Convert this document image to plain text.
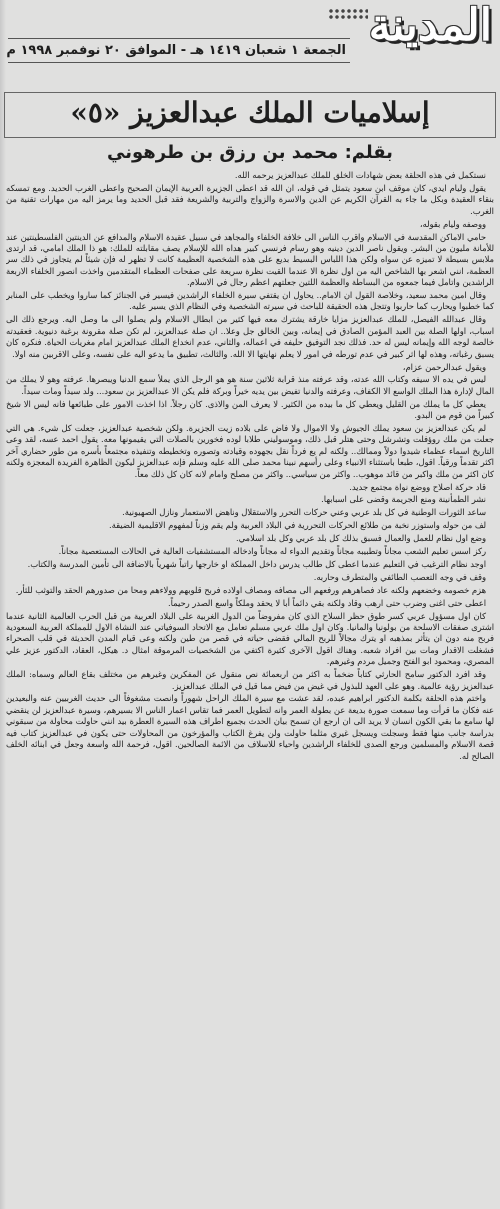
المدينة
الجمعة ١ شعبان ١٤١٩ هـ - الموافق ٢٠ نوفمبر ١٩٩٨ م
إسلاميات الملك عبدالعزيز «٥»
بقلم: محمد بن رزق بن طرهوني

نستكمل في هذه الحلقة بعض شهادات الخلق للملك عبدالعزيز يرحمه الله.

يقول وليام ايدي، كان موقف ابن سعود يتمثل في قوله، ان الله قد اعطى الجزيرة العربية الإيمان الصحيح واعطى الغرب الحديد. ومع تمسكه بنقاء العقيدة وبكل ما جاء به القرآن الكريم عن الدين والاسرة والزواج والتربية والشريعة فقد قبل الحديد وما يرمز اليه من مهارات تقنية من الغرب.

ووصفه وليام بقوله،

حامي الاماكن المقدسة في الاسلام واقرب الناس الى خلافة الخلفاء والمجاهد في سبيل عقيدة الاسلام والمدافع عن الدينتين الفلسطينتين عند للأمانة مليون من البشر. ويقول ناصر الدين دينيه وهو رسام فرنسي كبير هداه الله للإسلام يصف مقابلته للملك: هو ذا الملك امامي، قد ارتدى ملابس بسيطة لا تميزه عن سواه ولكن هذا اللباس البسيط بديع على هذه الشخصية العظيمة كانت لا تظهر له فإن شيئاً لم يتجاوز في ذلك سر العظمة، انني اشعر بها الشاخص اليه من اول نظرة الا عندما القيت نظرة سريعة على صفحات العظماء المتقدمين واخذت انصور الخلفاء الاربعة الراشدين واتامل فيما جمعوه من البساطة والعظمة اللتين جعلتهم اعظم رجال في الاسلام.

وقال امين محمد سعيد، وخلاصة القول ان الامام.. يحاول ان يقتفي سيرة الخلفاء الراشدين فيسير في الجنائز كما ساروا ويخطب على المنابر كما خطبوا ويحارب كما حاربوا وتتجل هذه الحقيقة للباحث في سيرته الشخصية وفي النظام الذي يسير عليه.

وقال عبدالله الفيصل، للملك عبدالعزيز مزايا خارقة يشترك معه فيها كثير من ابطال الاسلام ولم يصلوا الى ما وصل اليه. ويرجع ذلك الى اسباب، اولها الصلة بين العبد المؤمن الصادق في إيمانه، وبين الخالق جل وعلا.. ان صلة عبدالعزيز، لم تكن صلة مقرونة برغبة دنيوية. فعقيدته خالصة لوجه الله وإيمانه ليس له حد. فذلك نجد التوفيق حليفه في اعماله، والثاني، عدم انخداع الملك عبدالعزيز امام مغريات الحياة. فنكره كان يسبق رغباته، وهذه لها اثر كبير في عدم تورطه في امور لا يعلم نهايتها الا الله. والثالث، تطبيق ما يدعو اليه على نفسه، وعلى الاقربين منه اولا.

ويقول عبدالرحمن عزام،

ليس في يده الا سيفه وكتاب الله عدته، وقد عرفته منذ قرابة ثلاثين سنة هو هو الرجل الذي يملأ سمع الدنيا ويبصرها. عرفته وهو لا يملك من المال لإدارة هذا الملك الواسع الا الكفاف، وعرفته والدنيا تفيض بين يديه خيراً وبركة فلم يكن الا عبدالعزيز بن سعود... ولد سيداً ومات سيداً.

يعطي كل ما يملك من القليل ويعطي كل ما بيده من الكثير. لا يعرف المن والاذى. كان رجلاً. اذا اخذت الامور على طبائعها فانه ليس الا شيخ كبيراً من قوم من البدو.

لم يكن عبدالعزيز بن سعود يملك الجيوش ولا الاموال ولا فاض على بلاده زيت الجزيرة. ولكن شخصية عبدالعزيز، جعلت كل شيء. هي التي جعلت من ملك روؤفلت وتشرشل وحتى هتلر قبل ذلك، وموسوليني طلابا لوده فخورين بالصلات التي يقيمونها معه. يقول احمد عسه، لقد وعى التاريخ اسماء عظماء شيدوا دولاً وممالك.. ولكنه لم يع فرداً نقل بجهوده وقيادته وتصوره وتخطيطه وتنفيذه مجتمعاً بأسره من طور حضاري آخر اكثر تقدماً ورقياً. اقول، طبعا باستثناء الانبياء وعلى رأسهم نبينا محمد صلى الله عليه وسلم فإنه عبدالعزيز ليكون الظاهرة الفريدة المعجزة ولكنه كان اكثر من ملك واكبر من قائد موهوب.. واكثر من سياسي.. واكثر من مصلح وامام لانه كان كل ذلك معاً.

قاد حركة اصلاح ووضع نواة مجتمع جديد.

نشر الطمأنينة ومنع الجريمة وقضى على اسبابها.

ساعد الثورات الوطنية في كل بلد عربي وعني حركات التحرر والاستقلال وناهض الاستعمار ونازل الصهيونية.

لف من حوله واستوزر نخبة من طلائع الحركات التحررية في البلاد العربية ولم يقم وزناً لمفهوم الاقليمية الضيقة.

وضع اول نظام للعمل والعمال فسبق بذلك كل بلد عربي وكل بلد اسلامي.

ركز اسس تعليم الشعب مجاناً وتطبيبه مجاناً وتقديم الدواء له مجاناً وادخاله المستشفيات العالية في الحالات المستعصية مجاناً.

اوجد نظام الترغيب في التعليم عندما اعطى كل طالب يدرس داخل المملكة او خارجها راتباً شهرياً بالاضافة الى تأمين المدرسة والكتاب.

وقف في وجه التعصب الطائفي والمتطرف وحاربه.

هزم خصومه وخضعهم ولكنه عاد فصاهرهم ورفعهم الى مصافه ومصاف اولاده فربح قلوبهم وولاءهم ومحا من صدورهم الحقد والتوثب للثأر.

اعطى حتى اغنى وضرب حتى ارهب وقاد ولكنه بقي دائماً أبا لا يحقد وملكاً واسع الصدر رحيماً.

كان اول مسؤول عربي كسر طوق حظر السلاح الذي كان مفروضاً من الدول الغربية على البلاد العربية من قبل الحرب العالمية الثانية عندما اشترى صفقات الاسلحة من بولونيا والمانيا. وكان اول ملك عربي مسلم تعامل مع الاتحاد السوفياتي عند النشاة الاول للمملكة العربية السعودية فربح منه دون ان يتأثر بمذهبه او يترك مجالاً للربح المالي فقضى حياته في قصر من طين ولكنه وعى قيام المدن الحديثة في قلب الصحراء فشغلت الاقدار ومات بين افراد شعبه. وهناك اقول الآخرى كثيرة اكتفي من الشخصيات المرموقة امثال د. هيكل، العقاد، الدكتور عزيز علي المصري، ومحمود ابو الفتح وجميل مردم وغيرهم.

وقد افرد الدكتور سامح الحارثي كتاباً ضخماً به اكثر من اربعمائة نص منقول عن المفكرين وغيرهم من مختلف بقاع العالم وسماه: الملك عبدالعزيز رؤية عالمية. وهو على العهد للبذول في غيض من فيض مما قيل في الملك عبدالعزيز.

واختم هذه الحلقة بكلمة الدكتور ابراهيم عبده، لقد عشت مع سيرة الملك الراحل شهوراً وانصت مشغوفاً الى حديث الغربيين عنه والبعيدين عنه فكان ما قرأت وما سمعت صورة بديعة عن بطولة العمر وانه لتطويل العمر فما تقاس اعمار الناس الا بسيرهم، وسيرة عبدالعزيز لن ينقضي لها سامع ما بقي الكون انسان لا يريد الى ان ارجع ان تسمح بيان الحدث بجميع اطراف هذه السيرة العطرة بيد انني حاولت محاولة من سبقوني بدراسة جانب منها فقط وسجلت ويسجل غيري مثلما حاولت ولن يفرغ الكتاب والمؤرخون من المحاولات حتى يكون في عبدالعزيز كتاب فيه قصة الاسلام والمسلمين ورجع الصدى للخلفاء الراشدين واحياء للاسلاف من الائمة الصالحين. اقول، فرحمة الله واسعة وجعل في ابنائه الخلف الصالح له.
